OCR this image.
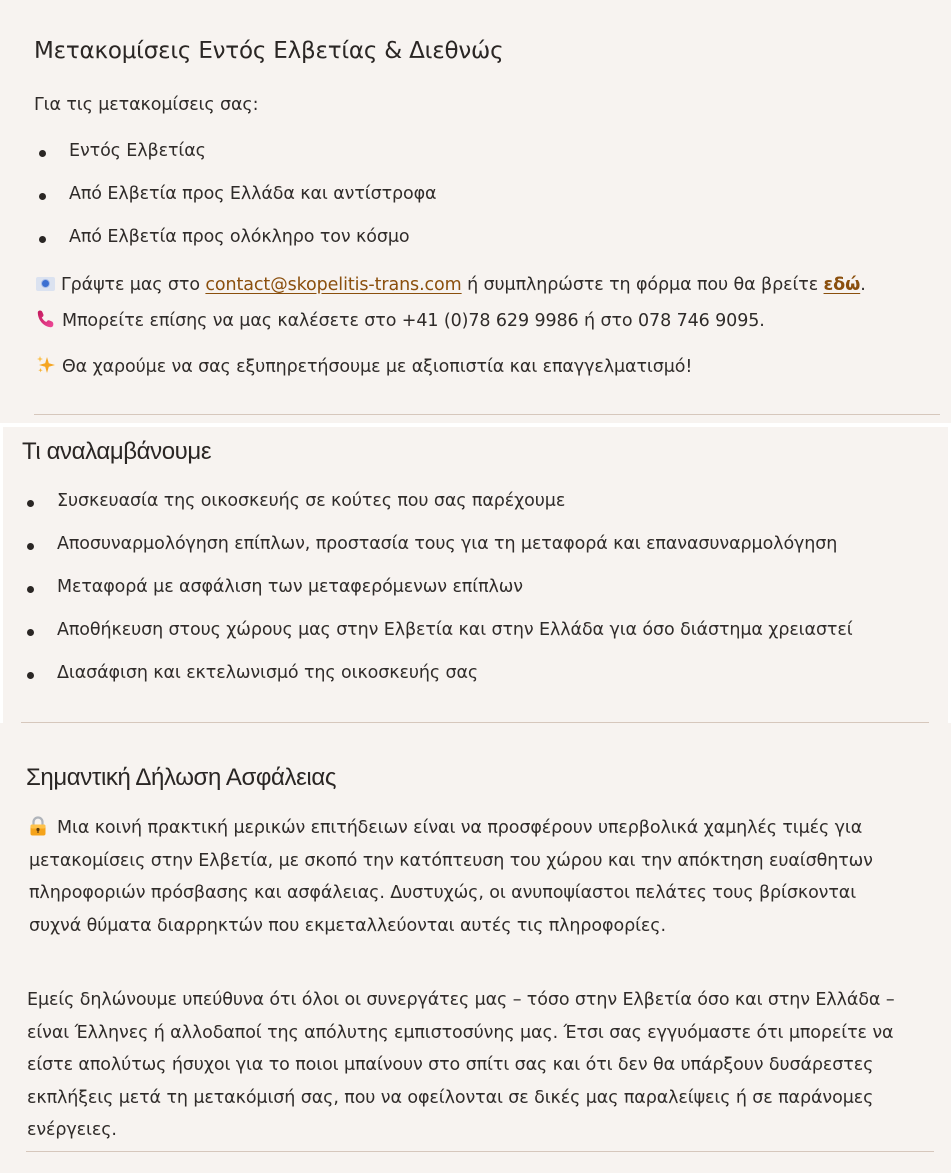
Μετακομίσεις Εντός Ελβετίας & Διεθνώς

Για τις μετακομίσεις σας:

Εντός Ελβετίας
Από Ελβετία προς Ελλάδα και αντίστροφα
Από Ελβετία προς ολόκληρο τον κόσμο

Γράψτε μας στο contact@skopelitis-trans.com ή συμπληρώστε τη φόρμα που θα βρείτε εδώ.

Μπορείτε επίσης να μας καλέσετε στο +41 (0)78 629 9986 ή στο 078 746 9095.

Θα χαρούμε να σας εξυπηρετήσουμε με αξιοπιστία και επαγγελματισμό!

Τι αναλαμβάνουμε
Συσκευασία της οικοσκευής σε κούτες που σας παρέχουμε
Αποσυναρμολόγηση επίπλων, προστασία τους για τη μεταφορά και επανασυναρμολόγηση
Μεταφορά με ασφάλιση των μεταφερόμενων επίπλων
Αποθήκευση στους χώρους μας στην Ελβετία και στην Ελλάδα για όσο διάστημα χρειαστεί
Διασάφιση και εκτελωνισμό της οικοσκευής σας
Σημαντική Δήλωση Ασφάλειας
Μια κοινή πρακτική μερικών επιτήδειων είναι να προσφέρουν υπερβολικά χαμηλές τιμές για
μετακομίσεις στην Ελβετία, με σκοπό την κατόπτευση του χώρου και την απόκτηση ευαίσθητων
πληροφοριών πρόσβασης και ασφάλειας. Δυστυχώς, οι ανυποψίαστοι πελάτες τους βρίσκονται
συχνά θύματα διαρρηκτών που εκμεταλλεύονται αυτές τις πληροφορίες.
Εμείς δηλώνουμε υπεύθυνα ότι όλοι οι συνεργάτες μας – τόσο στην Ελβετία όσο και στην Ελλάδα –
είναι Έλληνες ή αλλοδαποί της απόλυτης εμπιστοσύνης μας. Έτσι σας εγγυόμαστε ότι μπορείτε να
είστε απολύτως ήσυχοι για το ποιοι μπαίνουν στο σπίτι σας και ότι δεν θα υπάρξουν δυσάρεστες
εκπλήξεις μετά τη μετακόμισή σας, που να οφείλονται σε δικές μας παραλείψεις ή σε παράνομες
ενέργειες.
